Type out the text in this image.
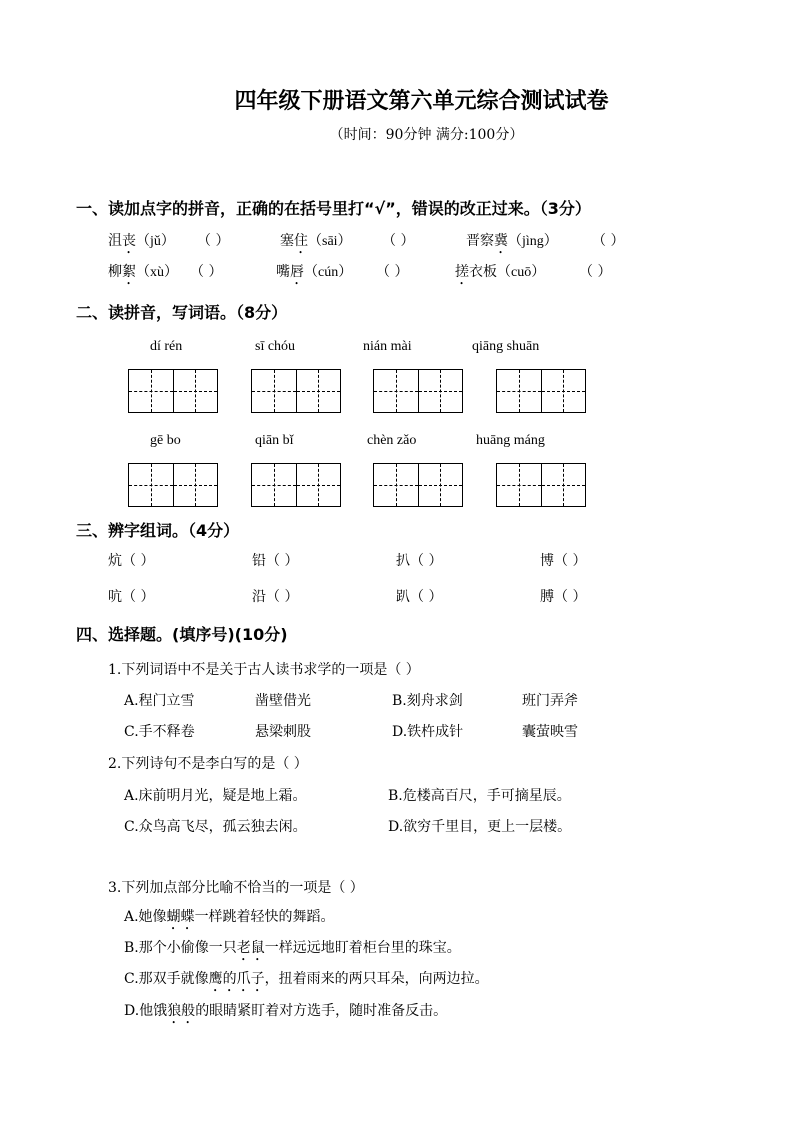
四年级下册语文第六单元综合测试试卷
（时间：90分钟 满分:100分）
一、读加点字的拼音，正确的在括号里打“√”，错误的改正过来。（3分）
沮丧（jǔ） （ ）	塞住（sāi） （ ）	晋察冀（jìng） （ ）
柳絮（xù） （ ）	嘴唇（cún） （ ）	搓衣板（cuō） （ ）
二、读拼音，写词语。（8分）
dí rén	sī chóu	nián mài	qiāng shuān
gē bo	qiān bǐ	chèn zǎo	huāng máng
三、辨字组词。（4分）
炕（ ）	铅（ ）	扒（ ）	博（ ）
吭（ ）	沿（ ）	趴（ ）	膊（ ）
四、选择题。(填序号)(10分)
1.下列词语中不是关于古人读书求学的一项是（ ）
A.程门立雪	凿壁借光	B.刻舟求剑	班门弄斧
C.手不释卷	悬梁刺股	D.铁杵成针	囊萤映雪
2.下列诗句不是李白写的是（ ）
A.床前明月光，疑是地上霜。	B.危楼高百尺，手可摘星辰。
C.众鸟高飞尽，孤云独去闲。	D.欲穷千里目，更上一层楼。
3.下列加点部分比喻不恰当的一项是（ ）
A.她像蝴蝶一样跳着轻快的舞蹈。
B.那个小偷像一只老鼠一样远远地盯着柜台里的珠宝。
C.那双手就像鹰的爪子，扭着雨来的两只耳朵，向两边拉。
D.他饿狼般的眼睛紧盯着对方选手，随时准备反击。
